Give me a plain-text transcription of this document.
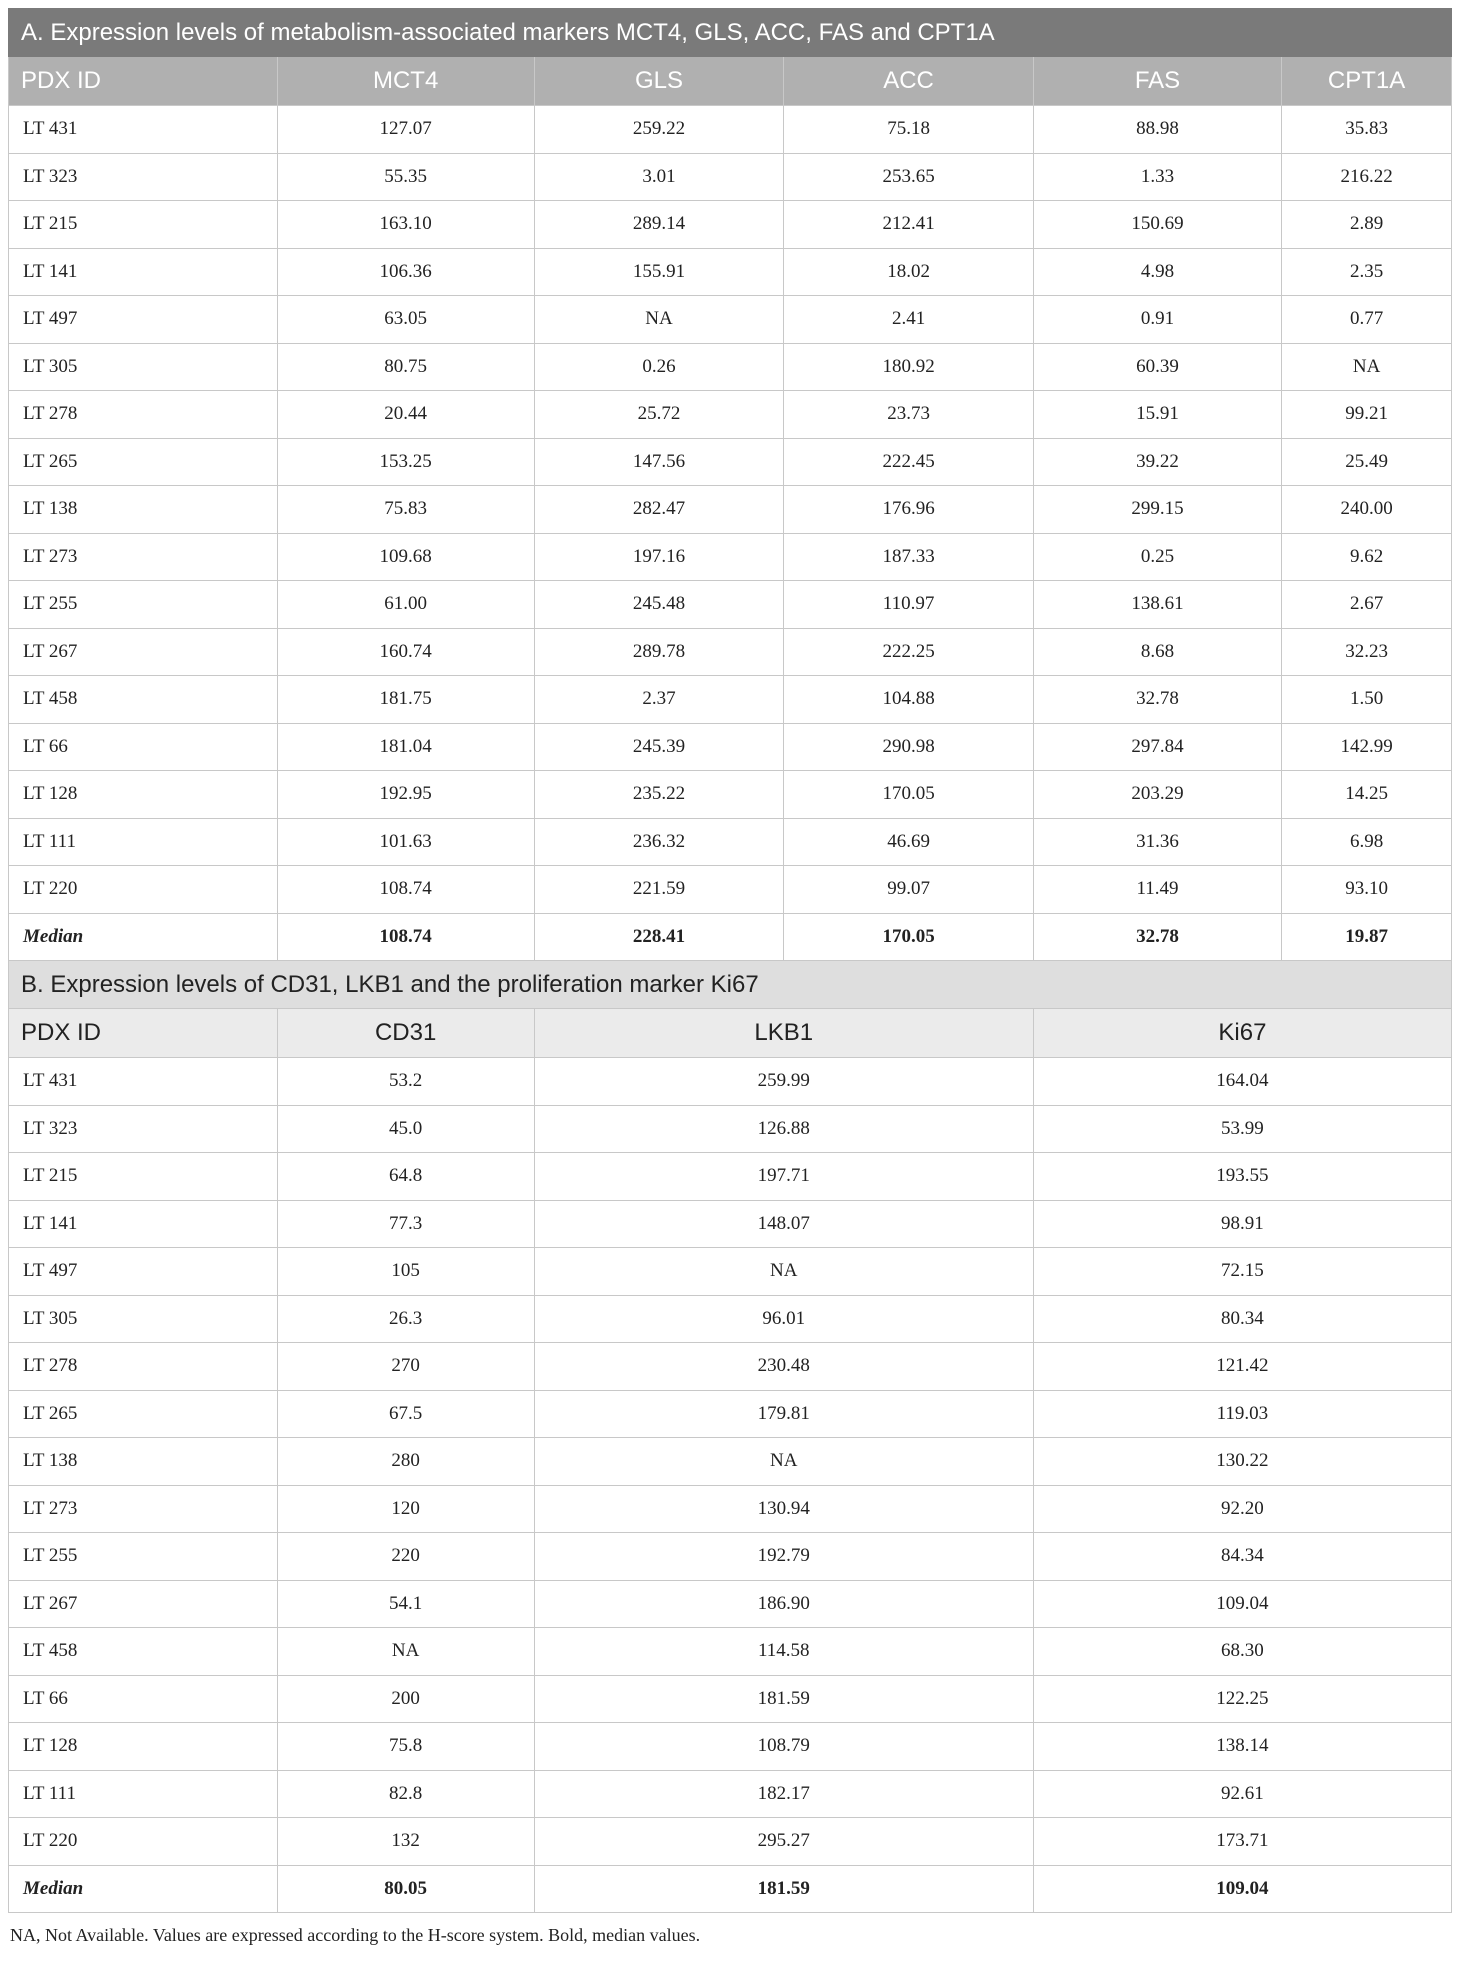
A. Expression levels of metabolism-associated markers MCT4, GLS, ACC, FAS and CPT1A					
PDX ID	MCT4	GLS	ACC	FAS	CPT1A
LT 431	127.07	259.22	75.18	88.98	35.83
LT 323	55.35	3.01	253.65	1.33	216.22
LT 215	163.10	289.14	212.41	150.69	2.89
LT 141	106.36	155.91	18.02	4.98	2.35
LT 497	63.05	NA	2.41	0.91	0.77
LT 305	80.75	0.26	180.92	60.39	NA
LT 278	20.44	25.72	23.73	15.91	99.21
LT 265	153.25	147.56	222.45	39.22	25.49
LT 138	75.83	282.47	176.96	299.15	240.00
LT 273	109.68	197.16	187.33	0.25	9.62
LT 255	61.00	245.48	110.97	138.61	2.67
LT 267	160.74	289.78	222.25	8.68	32.23
LT 458	181.75	2.37	104.88	32.78	1.50
LT 66	181.04	245.39	290.98	297.84	142.99
LT 128	192.95	235.22	170.05	203.29	14.25
LT 111	101.63	236.32	46.69	31.36	6.98
LT 220	108.74	221.59	99.07	11.49	93.10
Median	108.74	228.41	170.05	32.78	19.87
B. Expression levels of CD31, LKB1 and the proliferation marker Ki67					
PDX ID	CD31	LKB1		Ki67	
LT 431	53.2	259.99		164.04	
LT 323	45.0	126.88		53.99	
LT 215	64.8	197.71		193.55	
LT 141	77.3	148.07		98.91	
LT 497	105	NA		72.15	
LT 305	26.3	96.01		80.34	
LT 278	270	230.48		121.42	
LT 265	67.5	179.81		119.03	
LT 138	280	NA		130.22	
LT 273	120	130.94		92.20	
LT 255	220	192.79		84.34	
LT 267	54.1	186.90		109.04	
LT 458	NA	114.58		68.30	
LT 66	200	181.59		122.25	
LT 128	75.8	108.79		138.14	
LT 111	82.8	182.17		92.61	
LT 220	132	295.27		173.71	
Median	80.05	181.59		109.04	
NA, Not Available. Values are expressed according to the H-score system. Bold, median values.
